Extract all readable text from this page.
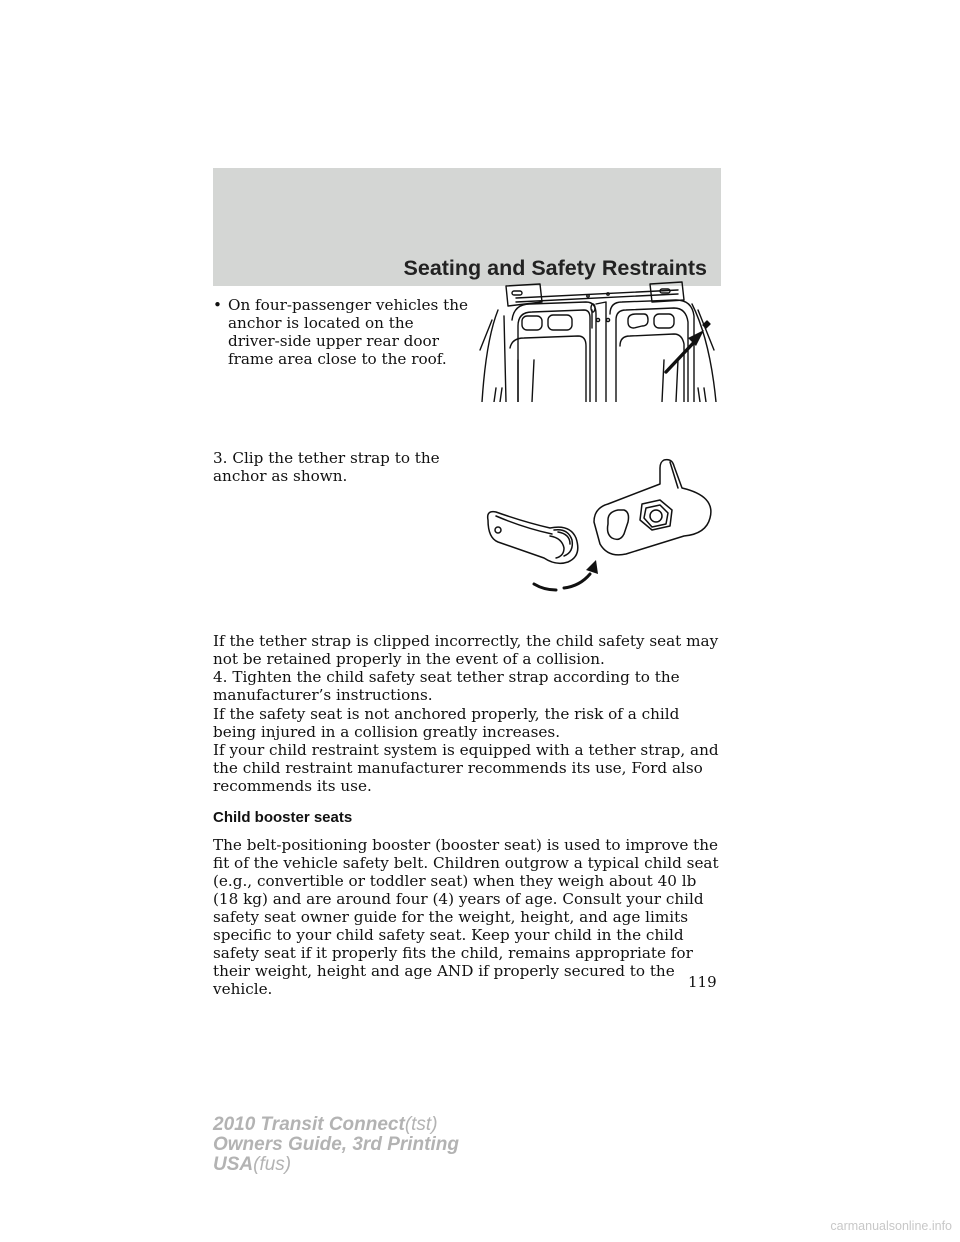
Seating and Safety Restraints
• On four-passenger vehicles the anchor is located on the driver-side upper rear door frame area close to the roof.
3. Clip the tether strap to the anchor as shown.

If the tether strap is clipped incorrectly, the child safety seat may not be retained properly in the event of a collision.

4. Tighten the child safety seat tether strap according to the manufacturer’s instructions.

If the safety seat is not anchored properly, the risk of a child being injured in a collision greatly increases.

If your child restraint system is equipped with a tether strap, and the child restraint manufacturer recommends its use, Ford also recommends its use.

Child booster seats

The belt-positioning booster (booster seat) is used to improve the fit of the vehicle safety belt. Children outgrow a typical child seat (e.g., convertible or toddler seat) when they weigh about 40 lb (18 kg) and are around four (4) years of age. Consult your child safety seat owner guide for the weight, height, and age limits specific to your child safety seat. Keep your child in the child safety seat if it properly fits the child, remains appropriate for their weight, height and age AND if properly secured to the vehicle.	119
2010 Transit Connect(tst)
Owners Guide, 3rd Printing
USA(fus)
carmanualsonline.info
